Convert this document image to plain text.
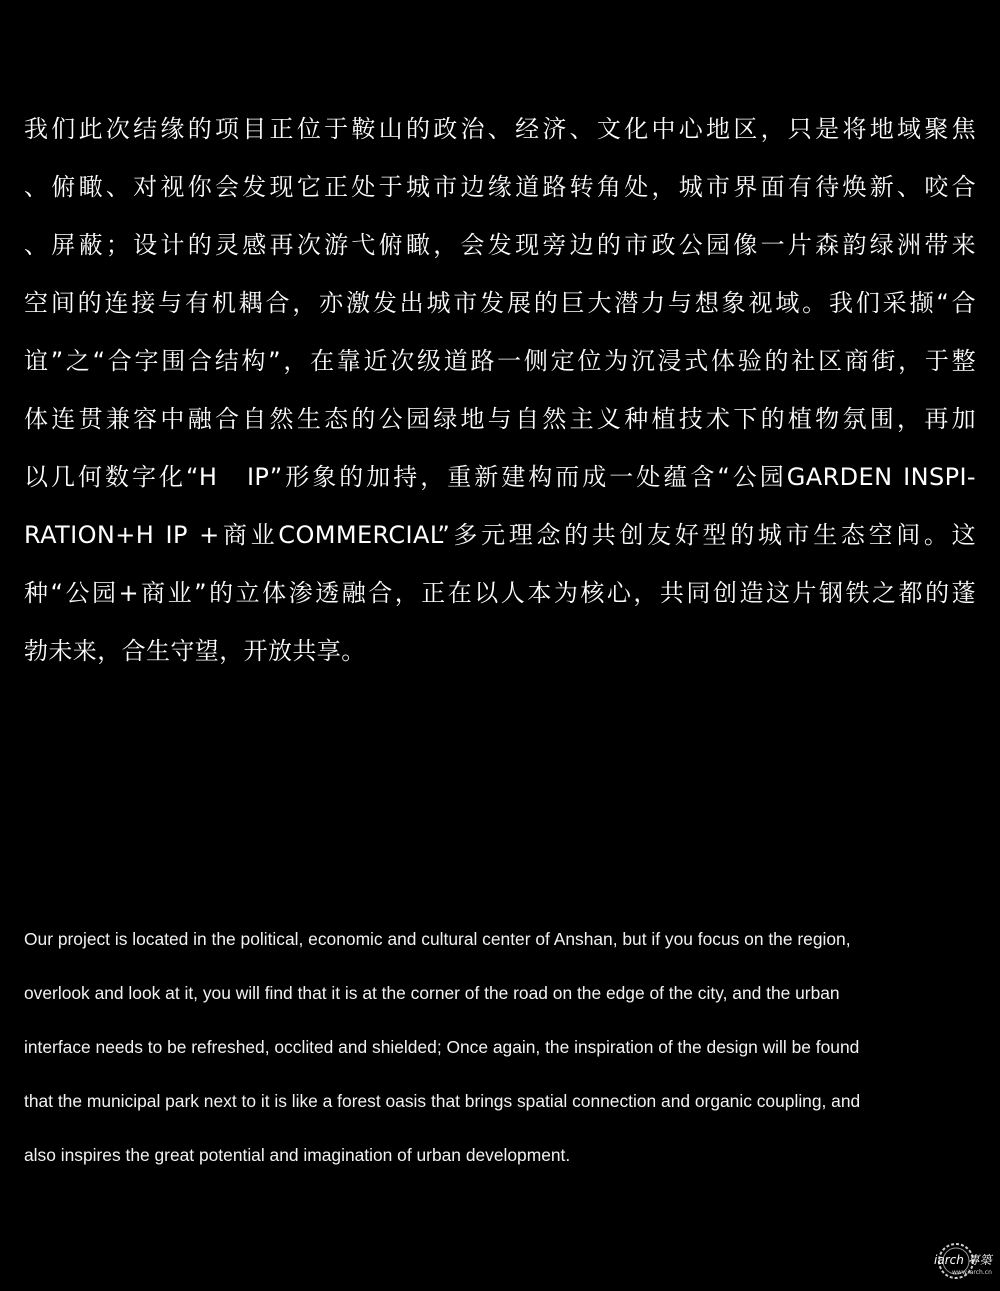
我们此次结缘的项目正位于鞍山的政治、经济、文化中心地区，只是将地域聚焦
、俯瞰、对视你会发现它正处于城市边缘道路转角处，城市界面有待焕新、咬合
、屏蔽；设计的灵感再次游弋俯瞰，会发现旁边的市政公园像一片森韵绿洲带来
空间的连接与有机耦合，亦激发出城市发展的巨大潜力与想象视域。我们采撷“合
谊”之“合字围合结构”，在靠近次级道路一侧定位为沉浸式体验的社区商街，于整
体连贯兼容中融合自然生态的公园绿地与自然主义种植技术下的植物氛围，再加
以几何数字化“H　IP”形象的加持，重新建构而成一处蕴含“公园GARDEN INSPI-
RATION+H IP +商业COMMERCIAL”多元理念的共创友好型的城市生态空间。这
种“公园+商业”的立体渗透融合，正在以人本为核心，共同创造这片钢铁之都的蓬
勃未来，合生守望，开放共享。
Our project is located in the political, economic and cultural center of Anshan, but if you focus on the region,
overlook and look at it, you will find that it is at the corner of the road on the edge of the city, and the urban
interface needs to be refreshed, occlited and shielded; Once again, the inspiration of the design will be found
that the municipal park next to it is like a forest oasis that brings spatial connection and organic coupling, and
also inspires the great potential and imagination of urban development.
iarch 專築
www.iarch.cn
